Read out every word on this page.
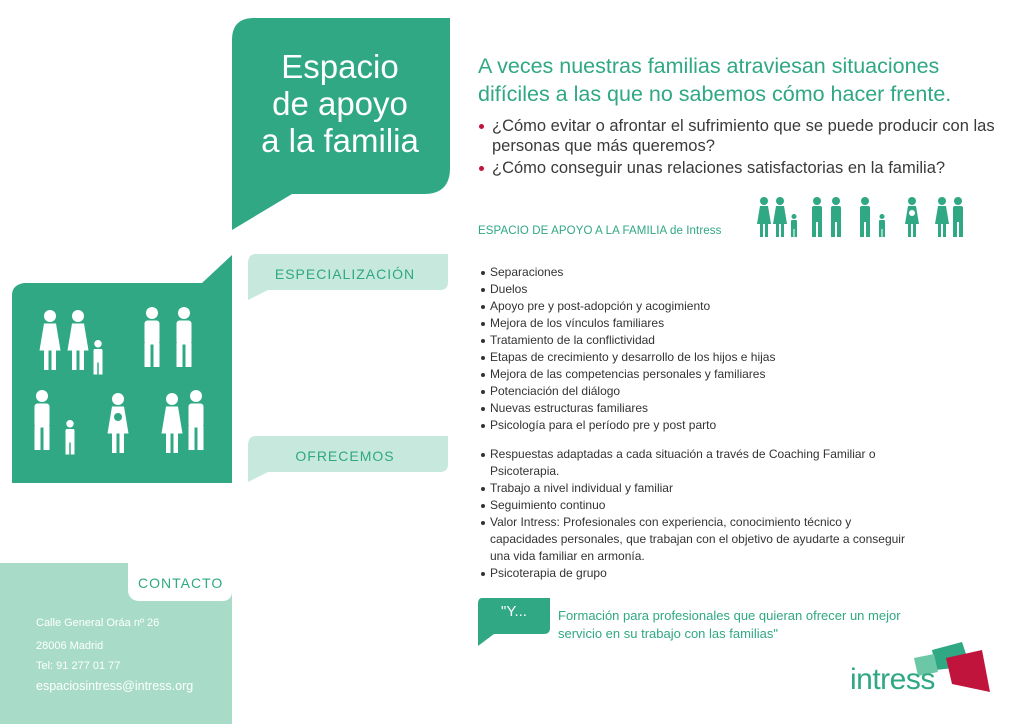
Espacio
de apoyo
a la familia
A veces nuestras familias atraviesan situaciones difíciles a las que no sabemos cómo hacer frente.
¿Cómo evitar o afrontar el sufrimiento que se puede producir con las personas que más queremos?
¿Cómo conseguir unas relaciones satisfactorias en la familia?
ESPACIO DE APOYO A LA FAMILIA de Intress
ESPECIALIZACIÓN	Separaciones
Duelos
Apoyo pre y post-adopción y acogimiento
Mejora de los vínculos familiares
Tratamiento de la conflictividad
Etapas de crecimiento y desarrollo de los hijos e hijas
Mejora de las competencias personales y familiares
Potenciación del diálogo
Nuevas estructuras familiares
Psicología para el período pre y post parto
OFRECEMOS	Respuestas adaptadas a cada situación a través de Coaching Familiar o Psicoterapia.
Trabajo a nivel individual y familiar
Seguimiento continuo
Valor Intress: Profesionales con experiencia, conocimiento técnico y capacidades personales, que trabajan con el objetivo de ayudarte a conseguir una vida familiar en armonía.
Psicoterapia de grupo
CONTACTO
Calle General Oráa nº 26
28006 Madrid
Tel: 91 277 01 77
espaciosintress@intress.org
"Y...	Formación para profesionales que quieran ofrecer un mejor servicio en su trabajo con las familias"
intress
